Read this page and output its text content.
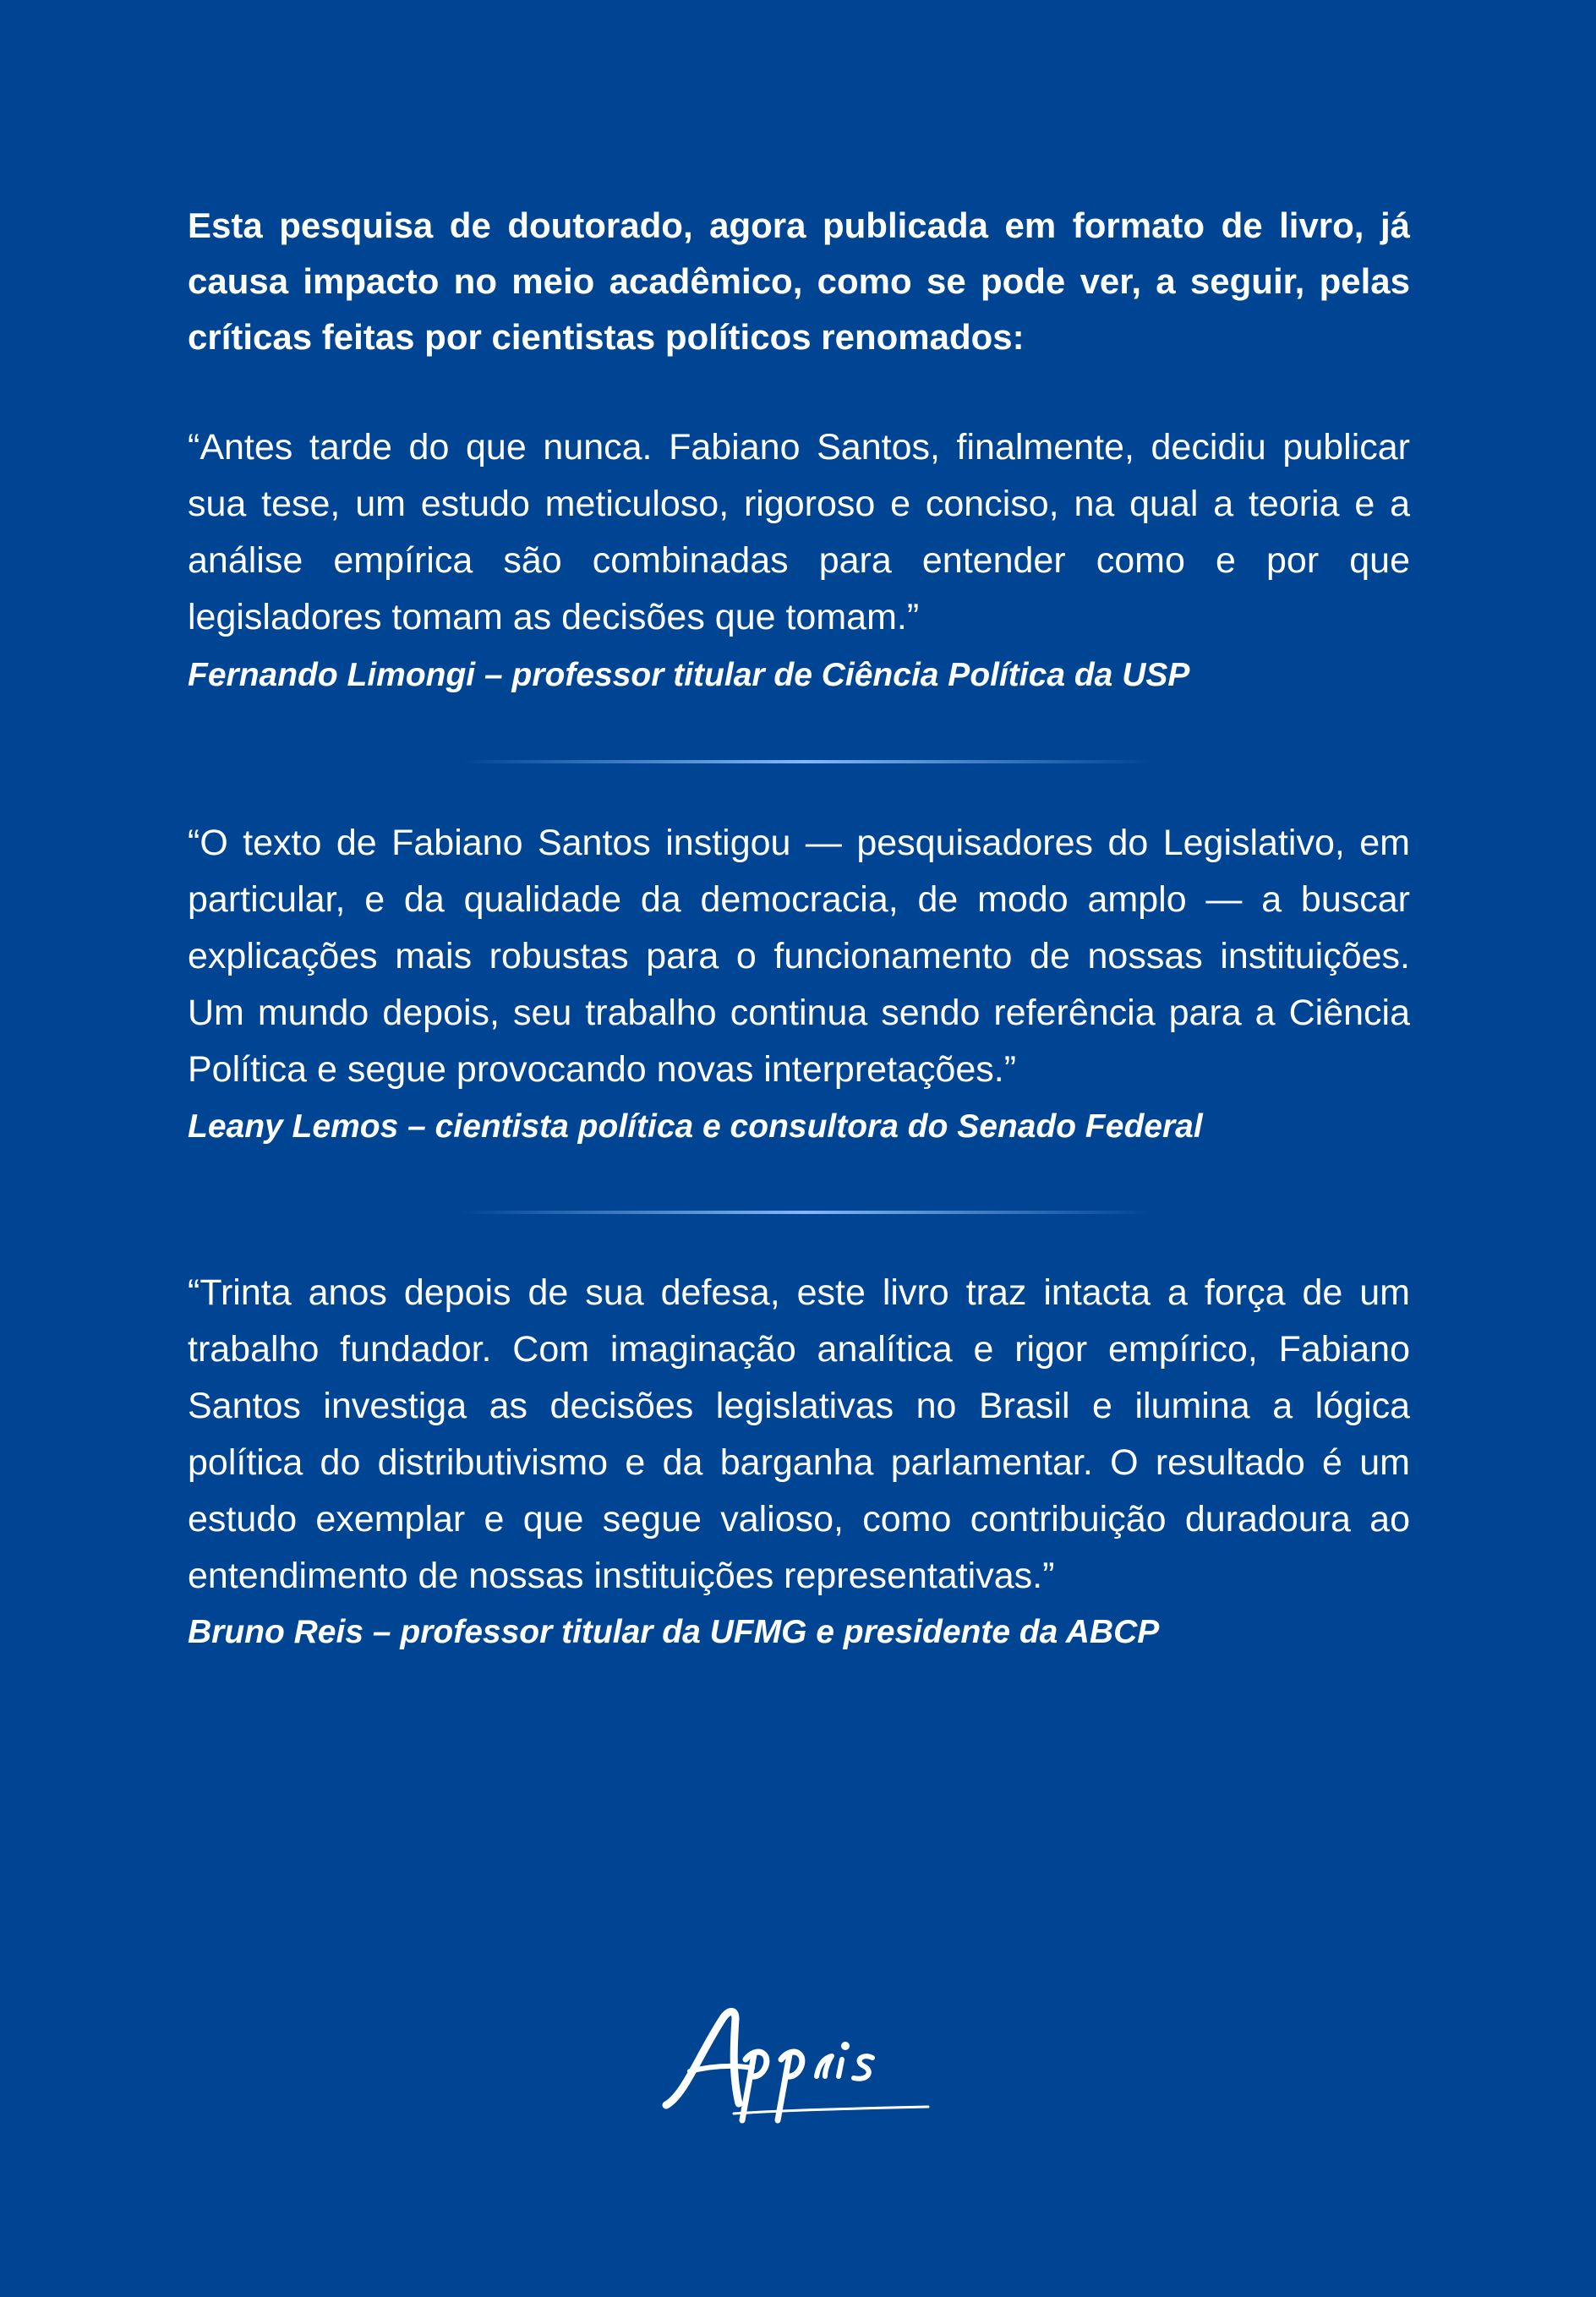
Esta pesquisa de doutorado, agora publicada em formato de livro, já causa impacto no meio acadêmico, como se pode ver, a seguir, pelas críticas feitas por cientistas políticos renomados:

“Antes tarde do que nunca. Fabiano Santos, finalmente, decidiu publicar sua tese, um estudo meticuloso, rigoroso e conciso, na qual a teoria e a análise empírica são combinadas para entender como e por que legisladores tomam as decisões que tomam.”

Fernando Limongi – professor titular de Ciência Política da USP

“O texto de Fabiano Santos instigou — pesquisadores do Legislativo, em particular, e da qualidade da democracia, de modo amplo — a buscar explicações mais robustas para o funcionamento de nossas instituições. Um mundo depois, seu trabalho continua sendo referência para a Ciência Política e segue provocando novas interpretações.”

Leany Lemos – cientista política e consultora do Senado Federal

“Trinta anos depois de sua defesa, este livro traz intacta a força de um trabalho fundador. Com imaginação analítica e rigor empírico, Fabiano Santos investiga as decisões legislativas no Brasil e ilumina a lógica política do distributivismo e da barganha parlamentar. O resultado é um estudo exemplar e que segue valioso, como contribuição duradoura ao entendimento de nossas instituições representativas.”

Bruno Reis – professor titular da UFMG e presidente da ABCP
